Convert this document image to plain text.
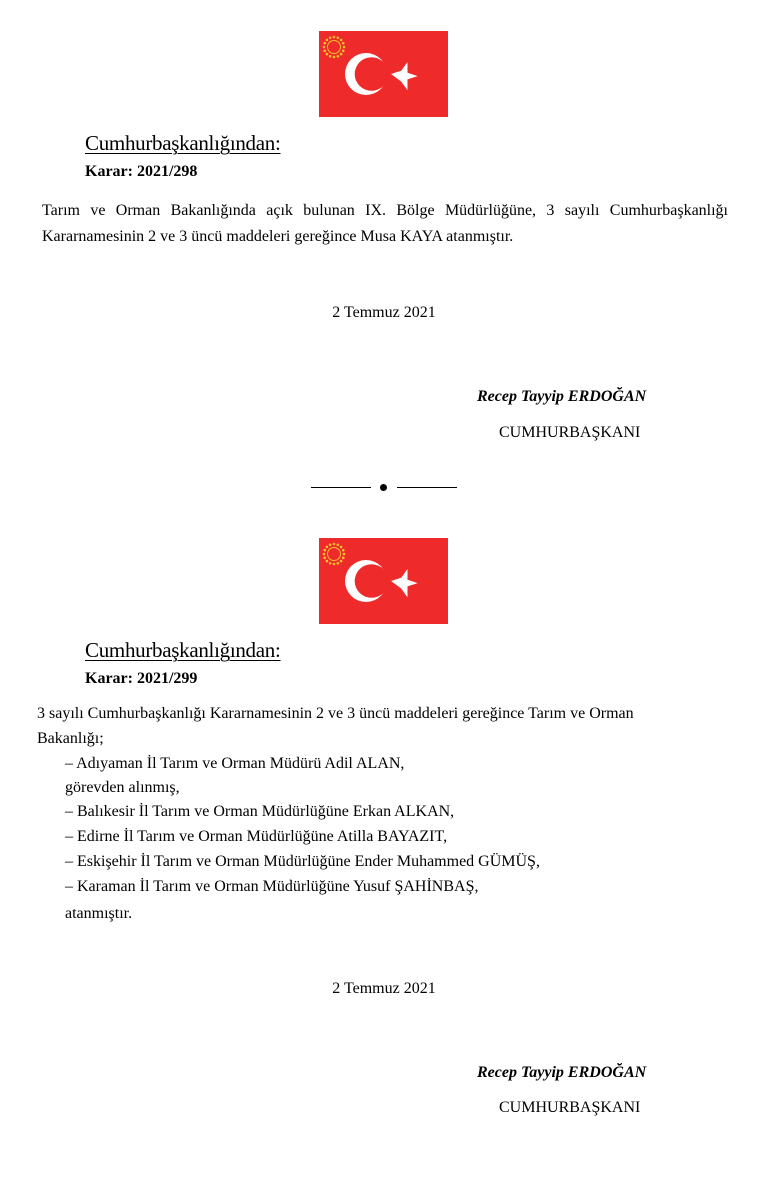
Cumhurbaşkanlığından:
Karar: 2021/298

Tarım ve Orman Bakanlığında açık bulunan IX. Bölge Müdürlüğüne, 3 sayılı Cumhurbaşkanlığı Kararnamesinin 2 ve 3 üncü maddeleri gereğince Musa KAYA atanmıştır.

2 Temmuz 2021
Recep Tayyip ERDOĞAN
CUMHURBAŞKANI
Cumhurbaşkanlığından:
Karar: 2021/299
3 sayılı Cumhurbaşkanlığı Kararnamesinin 2 ve 3 üncü maddeleri gereğince Tarım ve Orman
Bakanlığı;
– Adıyaman İl Tarım ve Orman Müdürü Adil ALAN,
görevden alınmış,
– Balıkesir İl Tarım ve Orman Müdürlüğüne Erkan ALKAN,
– Edirne İl Tarım ve Orman Müdürlüğüne Atilla BAYAZIT,
– Eskişehir İl Tarım ve Orman Müdürlüğüne Ender Muhammed GÜMÜŞ,
– Karaman İl Tarım ve Orman Müdürlüğüne Yusuf ŞAHİNBAŞ,
atanmıştır.
2 Temmuz 2021
Recep Tayyip ERDOĞAN
CUMHURBAŞKANI
